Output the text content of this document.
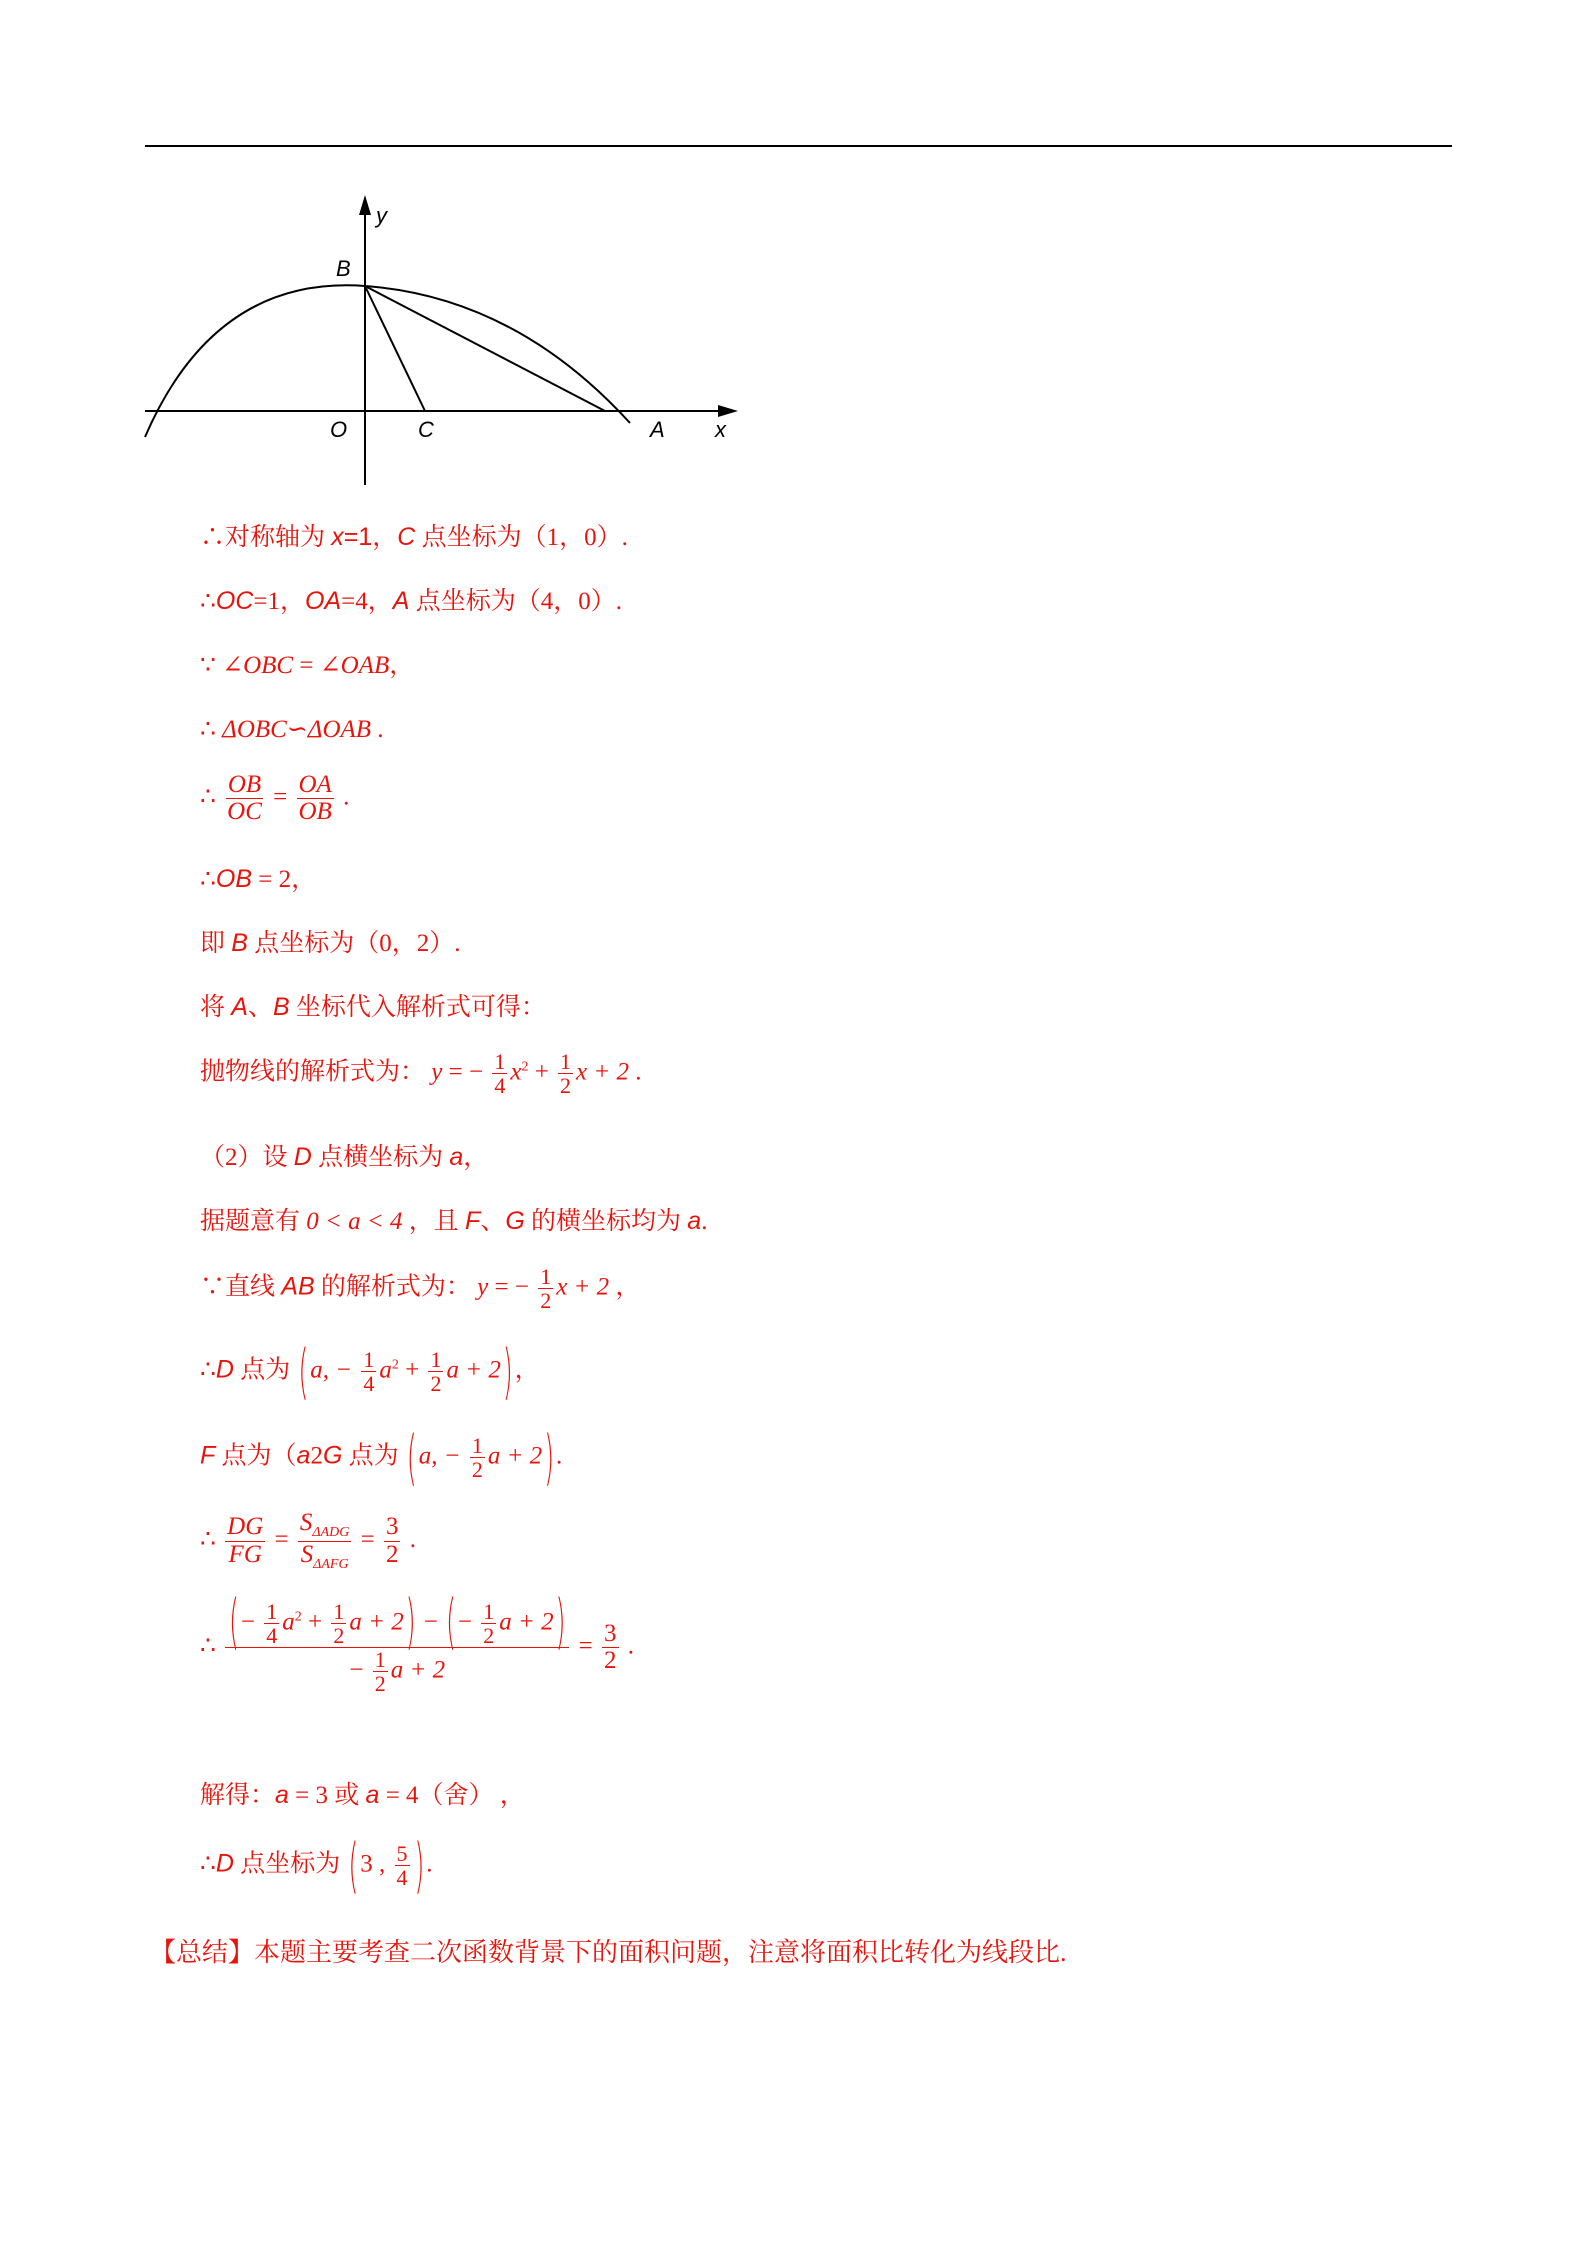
y
x
B
O	C	A
∴对称轴为 x=1，C 点坐标为（1，0）.
∴OC=1，OA=4，A 点坐标为（4，0）.
∵ ∠OBC = ∠OAB，
∴ ΔOBC∽ΔOAB .
∴ $\frac{OB}{OC} = \frac{OA}{OB}$ .
∴OB = 2，
即 B 点坐标为（0，2）.
将 A、B 坐标代入解析式可得：
抛物线的解析式为： y = − $\frac{1}{4} x^2 + \frac{1}{2}$ x + 2 .
（2）设 D 点横坐标为 a，
据题意有 0 < a < 4 ，且 F、G 的横坐标均为 a.
∵直线 AB 的解析式为： y = − $\frac{1}{2}$ x + 2 ，
∴D 点为 (a, − $\frac{1}{4} a^2 + \frac{1}{2}$ a + 2)，
F 点为（a2G 点为 (a, − $\frac{1}{2}$ a + 2).
∴ $\frac{DG}{FG} = \frac{S_{\Delta ADG}}{S_{\Delta AFG}} = \frac{3}{2}$ .
∴ $\frac{(- \frac{1}{4} a^2 + \frac{1}{2} a + 2) - (- \frac{1}{2} a + 2)}{- \frac{1}{2} a + 2} = \frac{3}{2}$ .
解得：a = 3 或 a = 4（舍） ，
∴D 点坐标为 (3 , $\frac{5}{4}$ ).
【总结】本题主要考查二次函数背景下的面积问题，注意将面积比转化为线段比.
